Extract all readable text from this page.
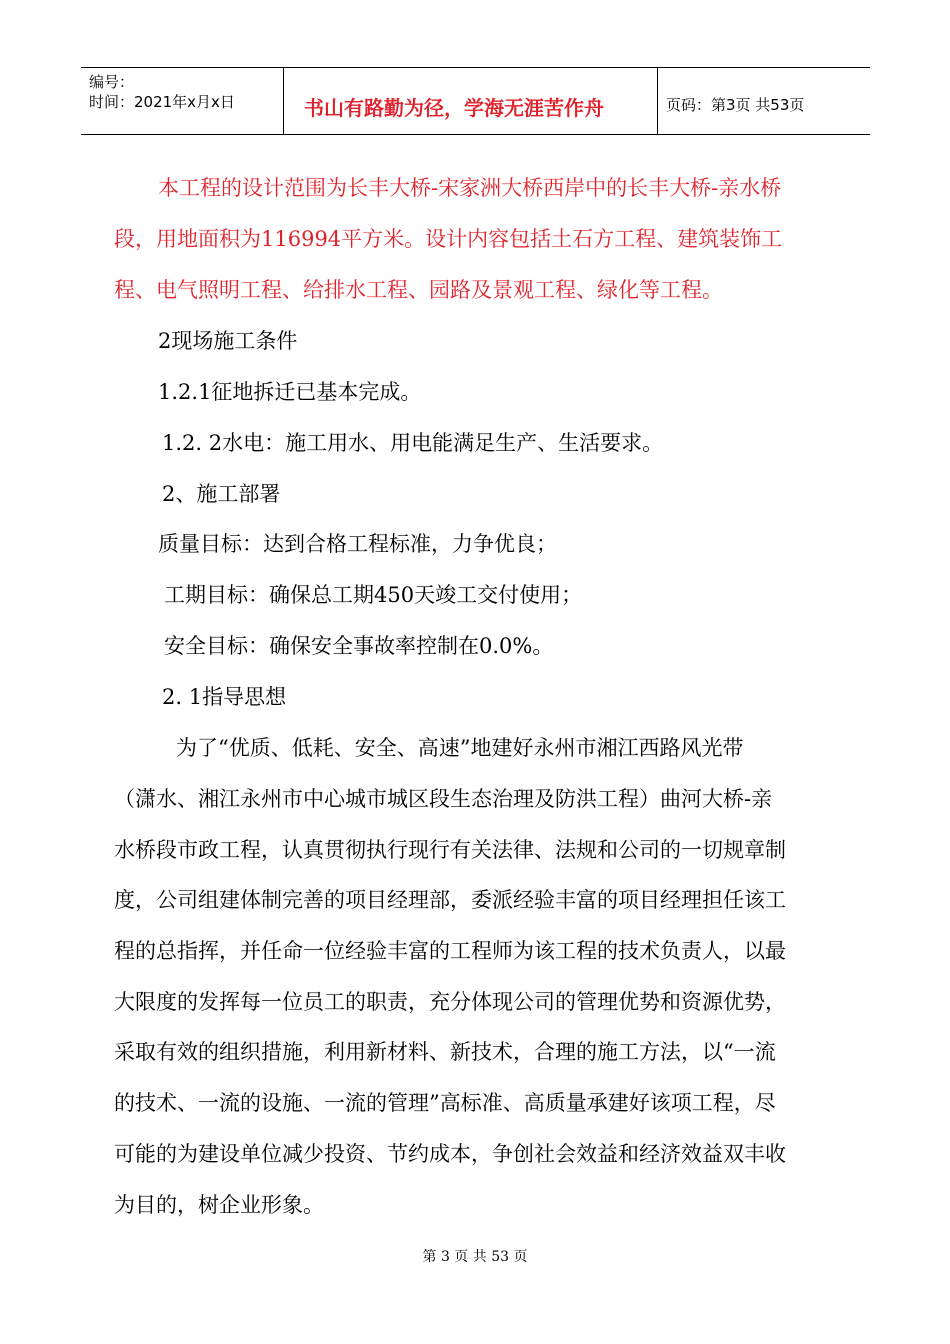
编号：
时间：2021年x月x日	书山有路勤为径，学海无涯苦作舟	页码：第3页 共53页
本工程的设计范围为长丰大桥-宋家洲大桥西岸中的长丰大桥-亲水桥
段，用地面积为116994平方米。设计内容包括土石方工程、建筑装饰工
程、电气照明工程、给排水工程、园路及景观工程、绿化等工程。
2现场施工条件
1.2.1征地拆迁已基本完成。
1.2. 2水电：施工用水、用电能满足生产、生活要求。
2、施工部署
质量目标：达到合格工程标准，力争优良；
工期目标：确保总工期450天竣工交付使用；
安全目标：确保安全事故率控制在0.0%。
2. 1指导思想
为了“优质、低耗、安全、高速”地建好永州市湘江西路风光带
（潇水、湘江永州市中心城市城区段生态治理及防洪工程）曲河大桥-亲
水桥段市政工程，认真贯彻执行现行有关法律、法规和公司的一切规章制
度，公司组建体制完善的项目经理部，委派经验丰富的项目经理担任该工
程的总指挥，并任命一位经验丰富的工程师为该工程的技术负责人，以最
大限度的发挥每一位员工的职责，充分体现公司的管理优势和资源优势，
采取有效的组织措施，利用新材料、新技术，合理的施工方法，以“一流
的技术、一流的设施、一流的管理”高标准、高质量承建好该项工程，尽
可能的为建设单位减少投资、节约成本，争创社会效益和经济效益双丰收
为目的，树企业形象。
第 3 页 共 53 页
